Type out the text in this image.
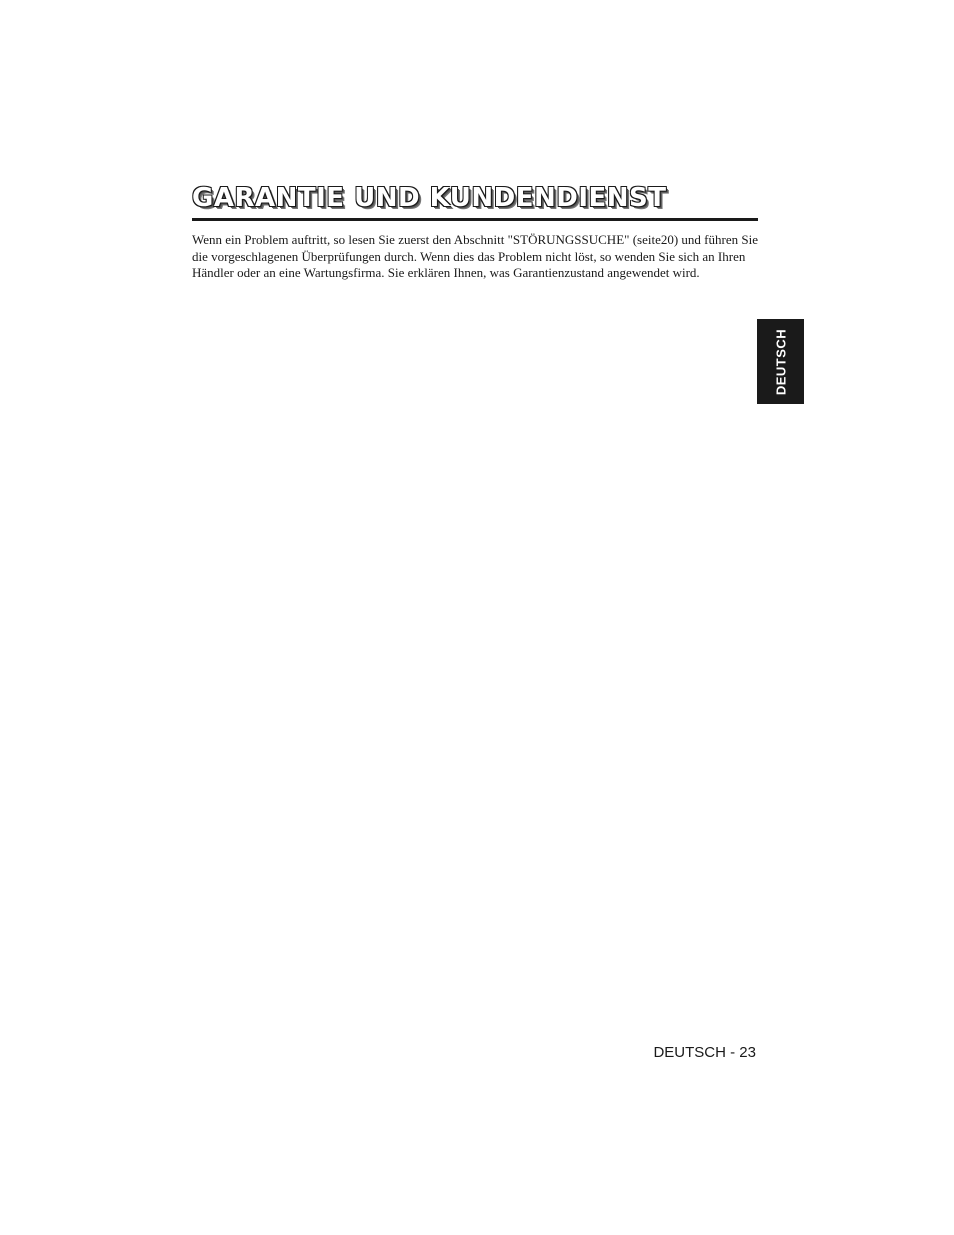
GARANTIE UND KUNDENDIENST

Wenn ein Problem auftritt, so lesen Sie zuerst den Abschnitt "STÖRUNGSSUCHE" (seite20) und führen Sie die vorgeschlagenen Überprüfungen durch. Wenn dies das Problem nicht löst, so wenden Sie sich an Ihren Händler oder an eine Wartungsfirma. Sie erklären Ihnen, was Garantienzustand angewendet wird.

DEUTSCH
DEUTSCH - 23
